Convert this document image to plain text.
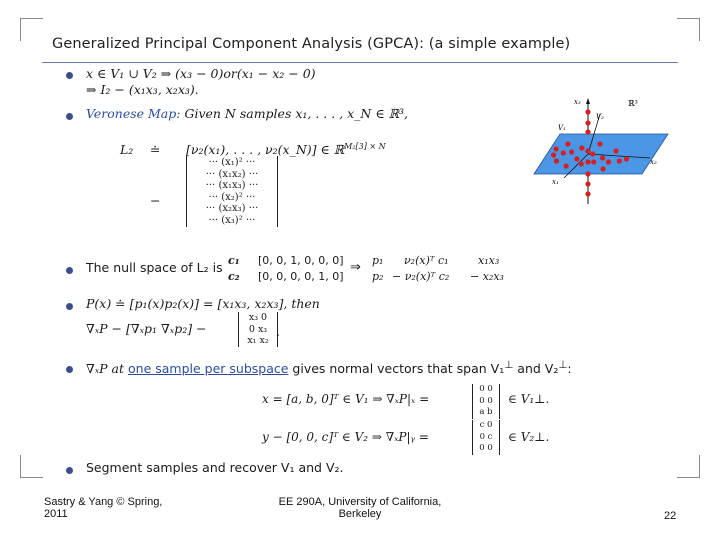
Generalized Principal Component Analysis (GPCA): (a simple example)
x ∈ V₁ ∪ V₂ ⇒ (x₃ − 0)or(x₁ − x₂ − 0)
⇒ I₂ − (x₁x₃, x₂x₃).
Veronese Map: Given N samples x₁, . . . , x_N ∈ ℝ³,
L₂ ≐ [ν₂(x₁), . . . , ν₂(x_N)] ∈ ℝ$^{M_2[3] \times N}$
−
··· (x₁)² ···
··· (x₁x₂) ···
··· (x₁x₃) ···
··· (x₂)² ···
··· (x₂x₃) ···
··· (x₃)² ···
x₃	ℝ³
V₂
V₁
x₂
x₁
The null space of L₂ is c₁
c₂
[0, 0, 1, 0, 0, 0]
[0, 0, 0, 0, 1, 0]
⇒ p₁
p₂
ν₂(x)ᵀ c₁
− ν₂(x)ᵀ c₂
x₁x₃
− x₂x₃
P(x) ≐ [p₁(x)p₂(x)] = [x₁x₃, x₂x₃], then
∇ₓP − [∇ₓp₁ ∇ₓp₂] −
x₃ 0
0 x₃
x₁ x₂
.
∇ₓP at one sample per subspace gives normal vectors that span V₁⊥ and V₂⊥:
x = [a, b, 0]ᵀ ∈ V₁ ⇒ ∇ₓP|ₓ =
0 0
0 0
a b
∈ V₁⊥.
y − [0, 0, c]ᵀ ∈ V₂ ⇒ ∇ₓP|ᵧ =
c 0
0 c
0 0
∈ V₂⊥.
Segment samples and recover V₁ and V₂.
Sastry & Yang © Spring,
2011
EE 290A, University of California,
Berkeley	22
